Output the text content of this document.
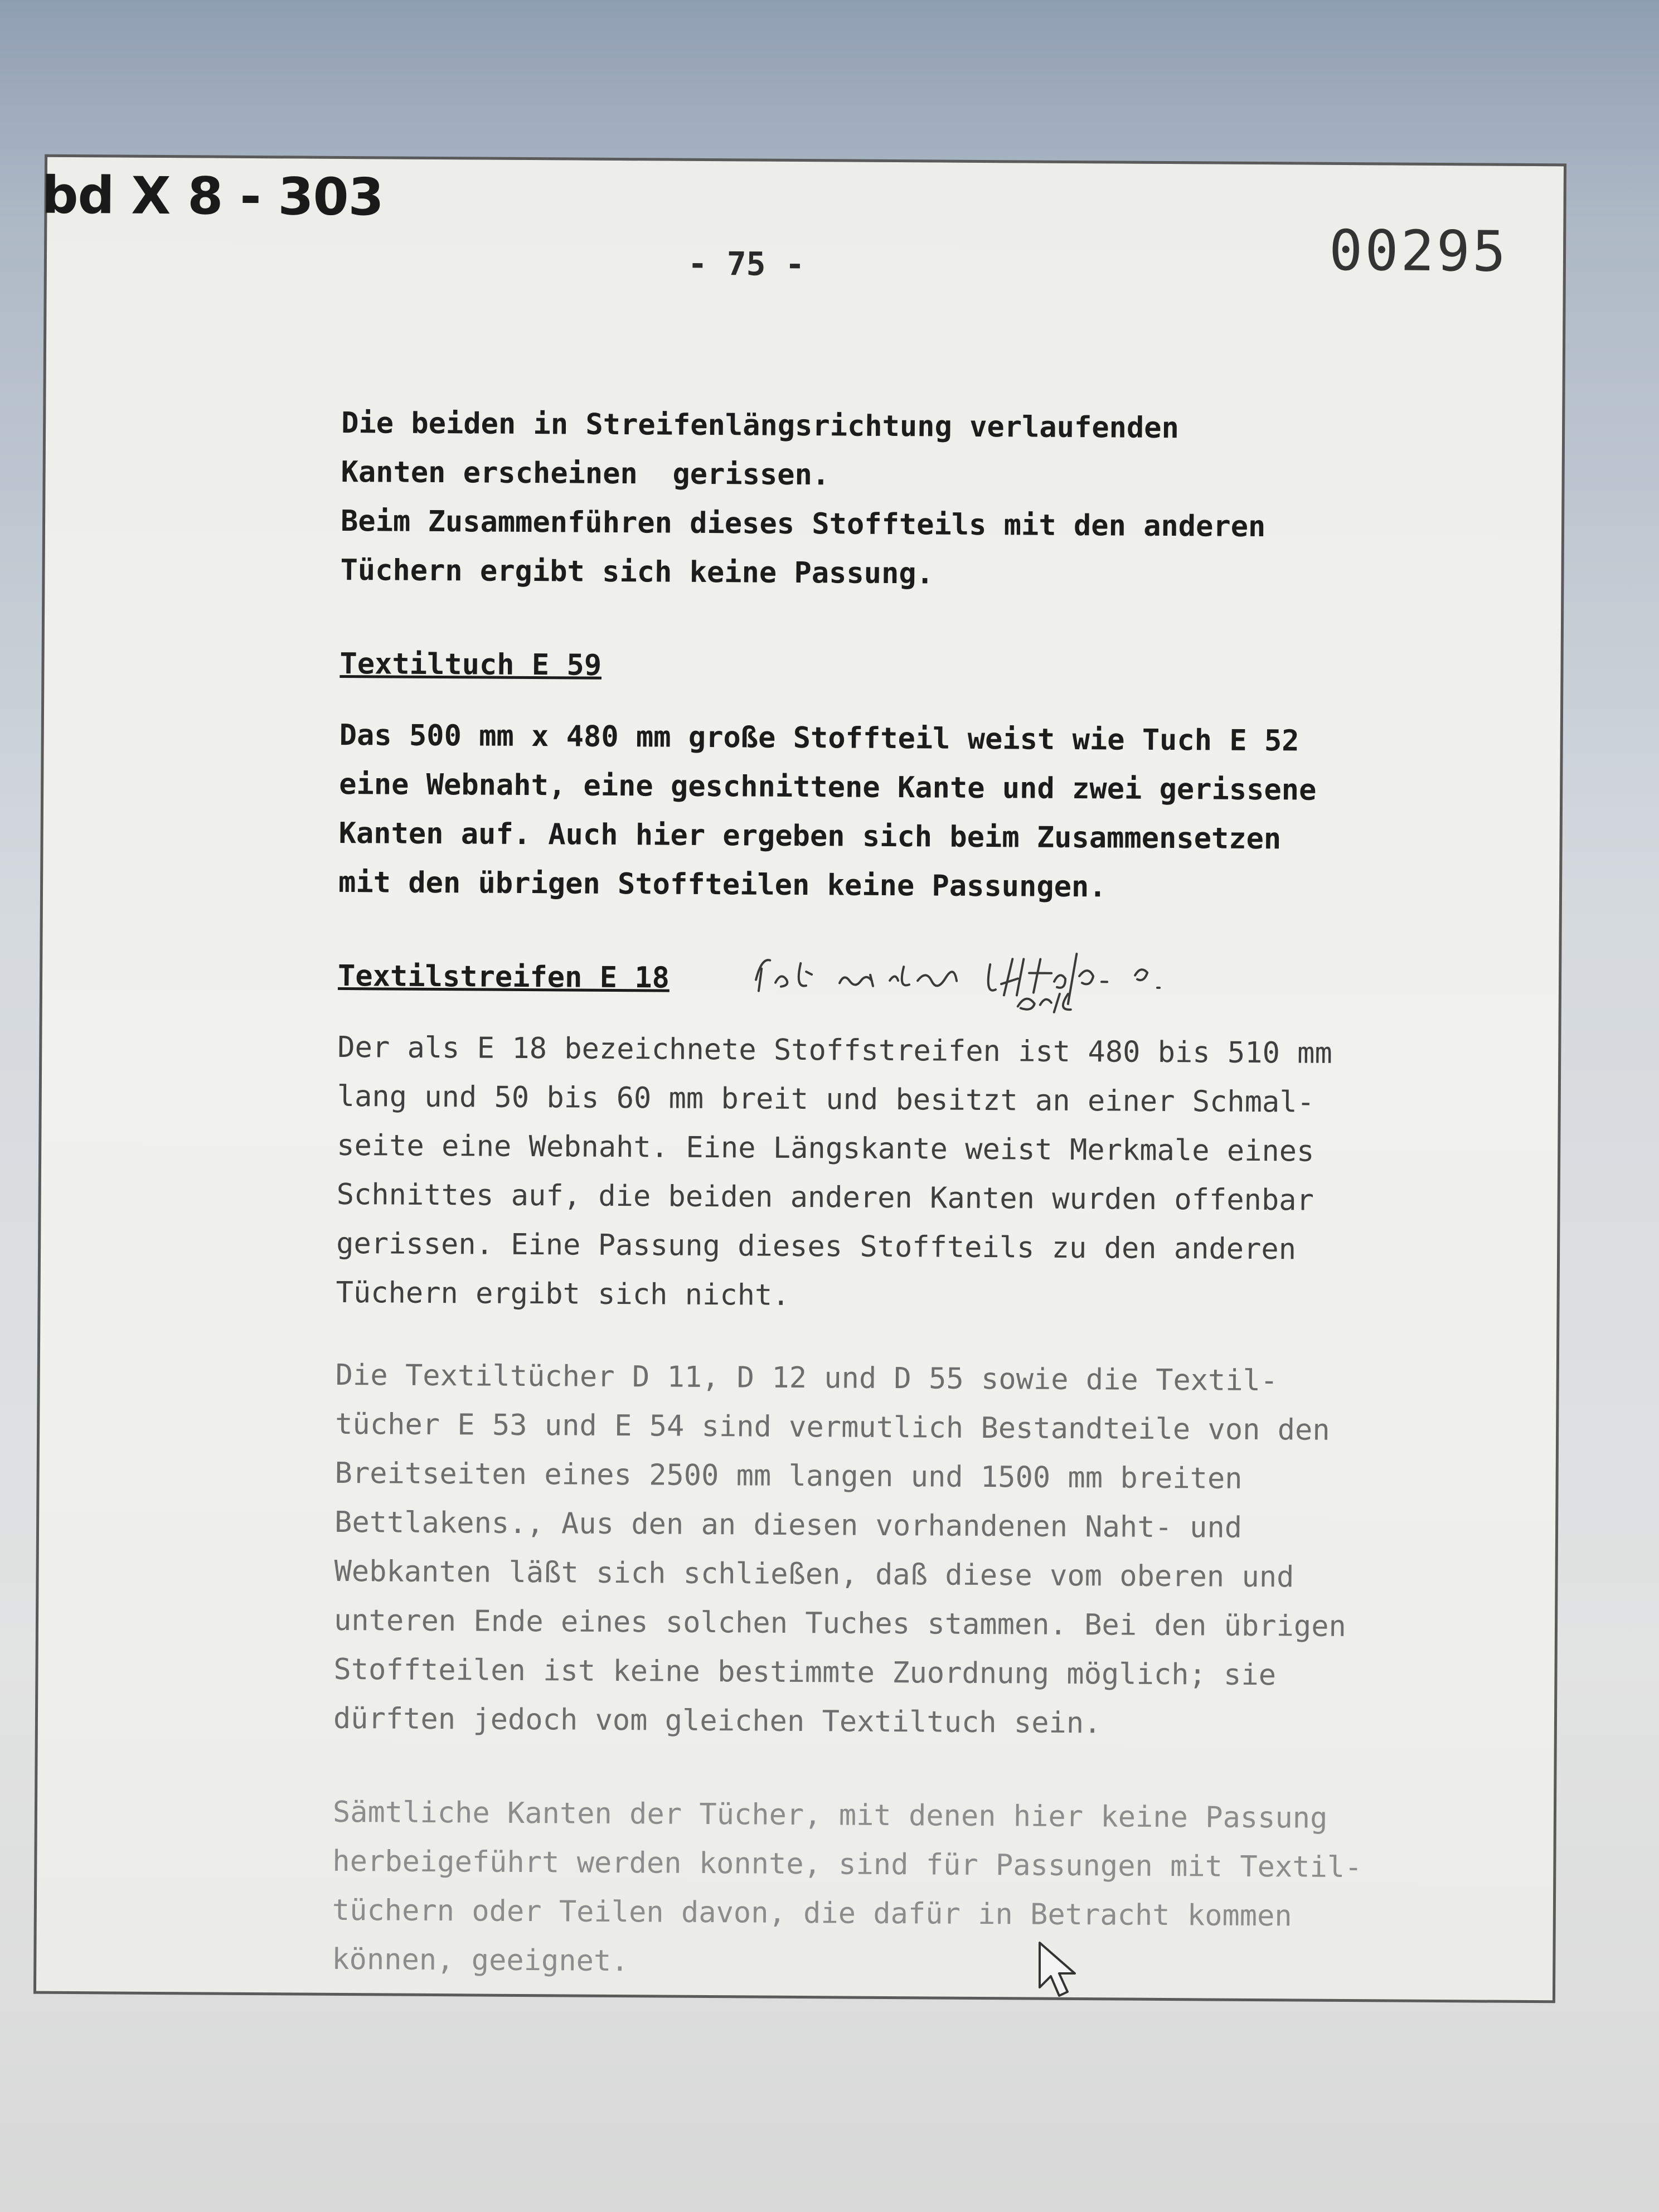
bd X 8 - 303
- 75 -	00295

Die beiden in Streifenlängsrichtung verlaufenden

Kanten erscheinen  gerissen.

Beim Zusammenführen dieses Stoffteils mit den anderen

Tüchern ergibt sich keine Passung.

Textiltuch E 59

Das 500 mm x 480 mm große Stoffteil weist wie Tuch E 52

eine Webnaht, eine geschnittene Kante und zwei gerissene

Kanten auf. Auch hier ergeben sich beim Zusammensetzen

mit den übrigen Stoffteilen keine Passungen.

Textilstreifen E 18

Der als E 18 bezeichnete Stoffstreifen ist 480 bis 510 mm

lang und 50 bis 60 mm breit und besitzt an einer Schmal-

seite eine Webnaht. Eine Längskante weist Merkmale eines

Schnittes auf, die beiden anderen Kanten wurden offenbar

gerissen. Eine Passung dieses Stoffteils zu den anderen

Tüchern ergibt sich nicht.

Die Textiltücher D 11, D 12 und D 55 sowie die Textil-

tücher E 53 und E 54 sind vermutlich Bestandteile von den

Breitseiten eines 2500 mm langen und 1500 mm breiten

Bettlakens., Aus den an diesen vorhandenen Naht- und

Webkanten läßt sich schließen, daß diese vom oberen und

unteren Ende eines solchen Tuches stammen. Bei den übrigen

Stoffteilen ist keine bestimmte Zuordnung möglich; sie

dürften jedoch vom gleichen Textiltuch sein.

Sämtliche Kanten der Tücher, mit denen hier keine Passung

herbeigeführt werden konnte, sind für Passungen mit Textil-

tüchern oder Teilen davon, die dafür in Betracht kommen

können, geeignet.
